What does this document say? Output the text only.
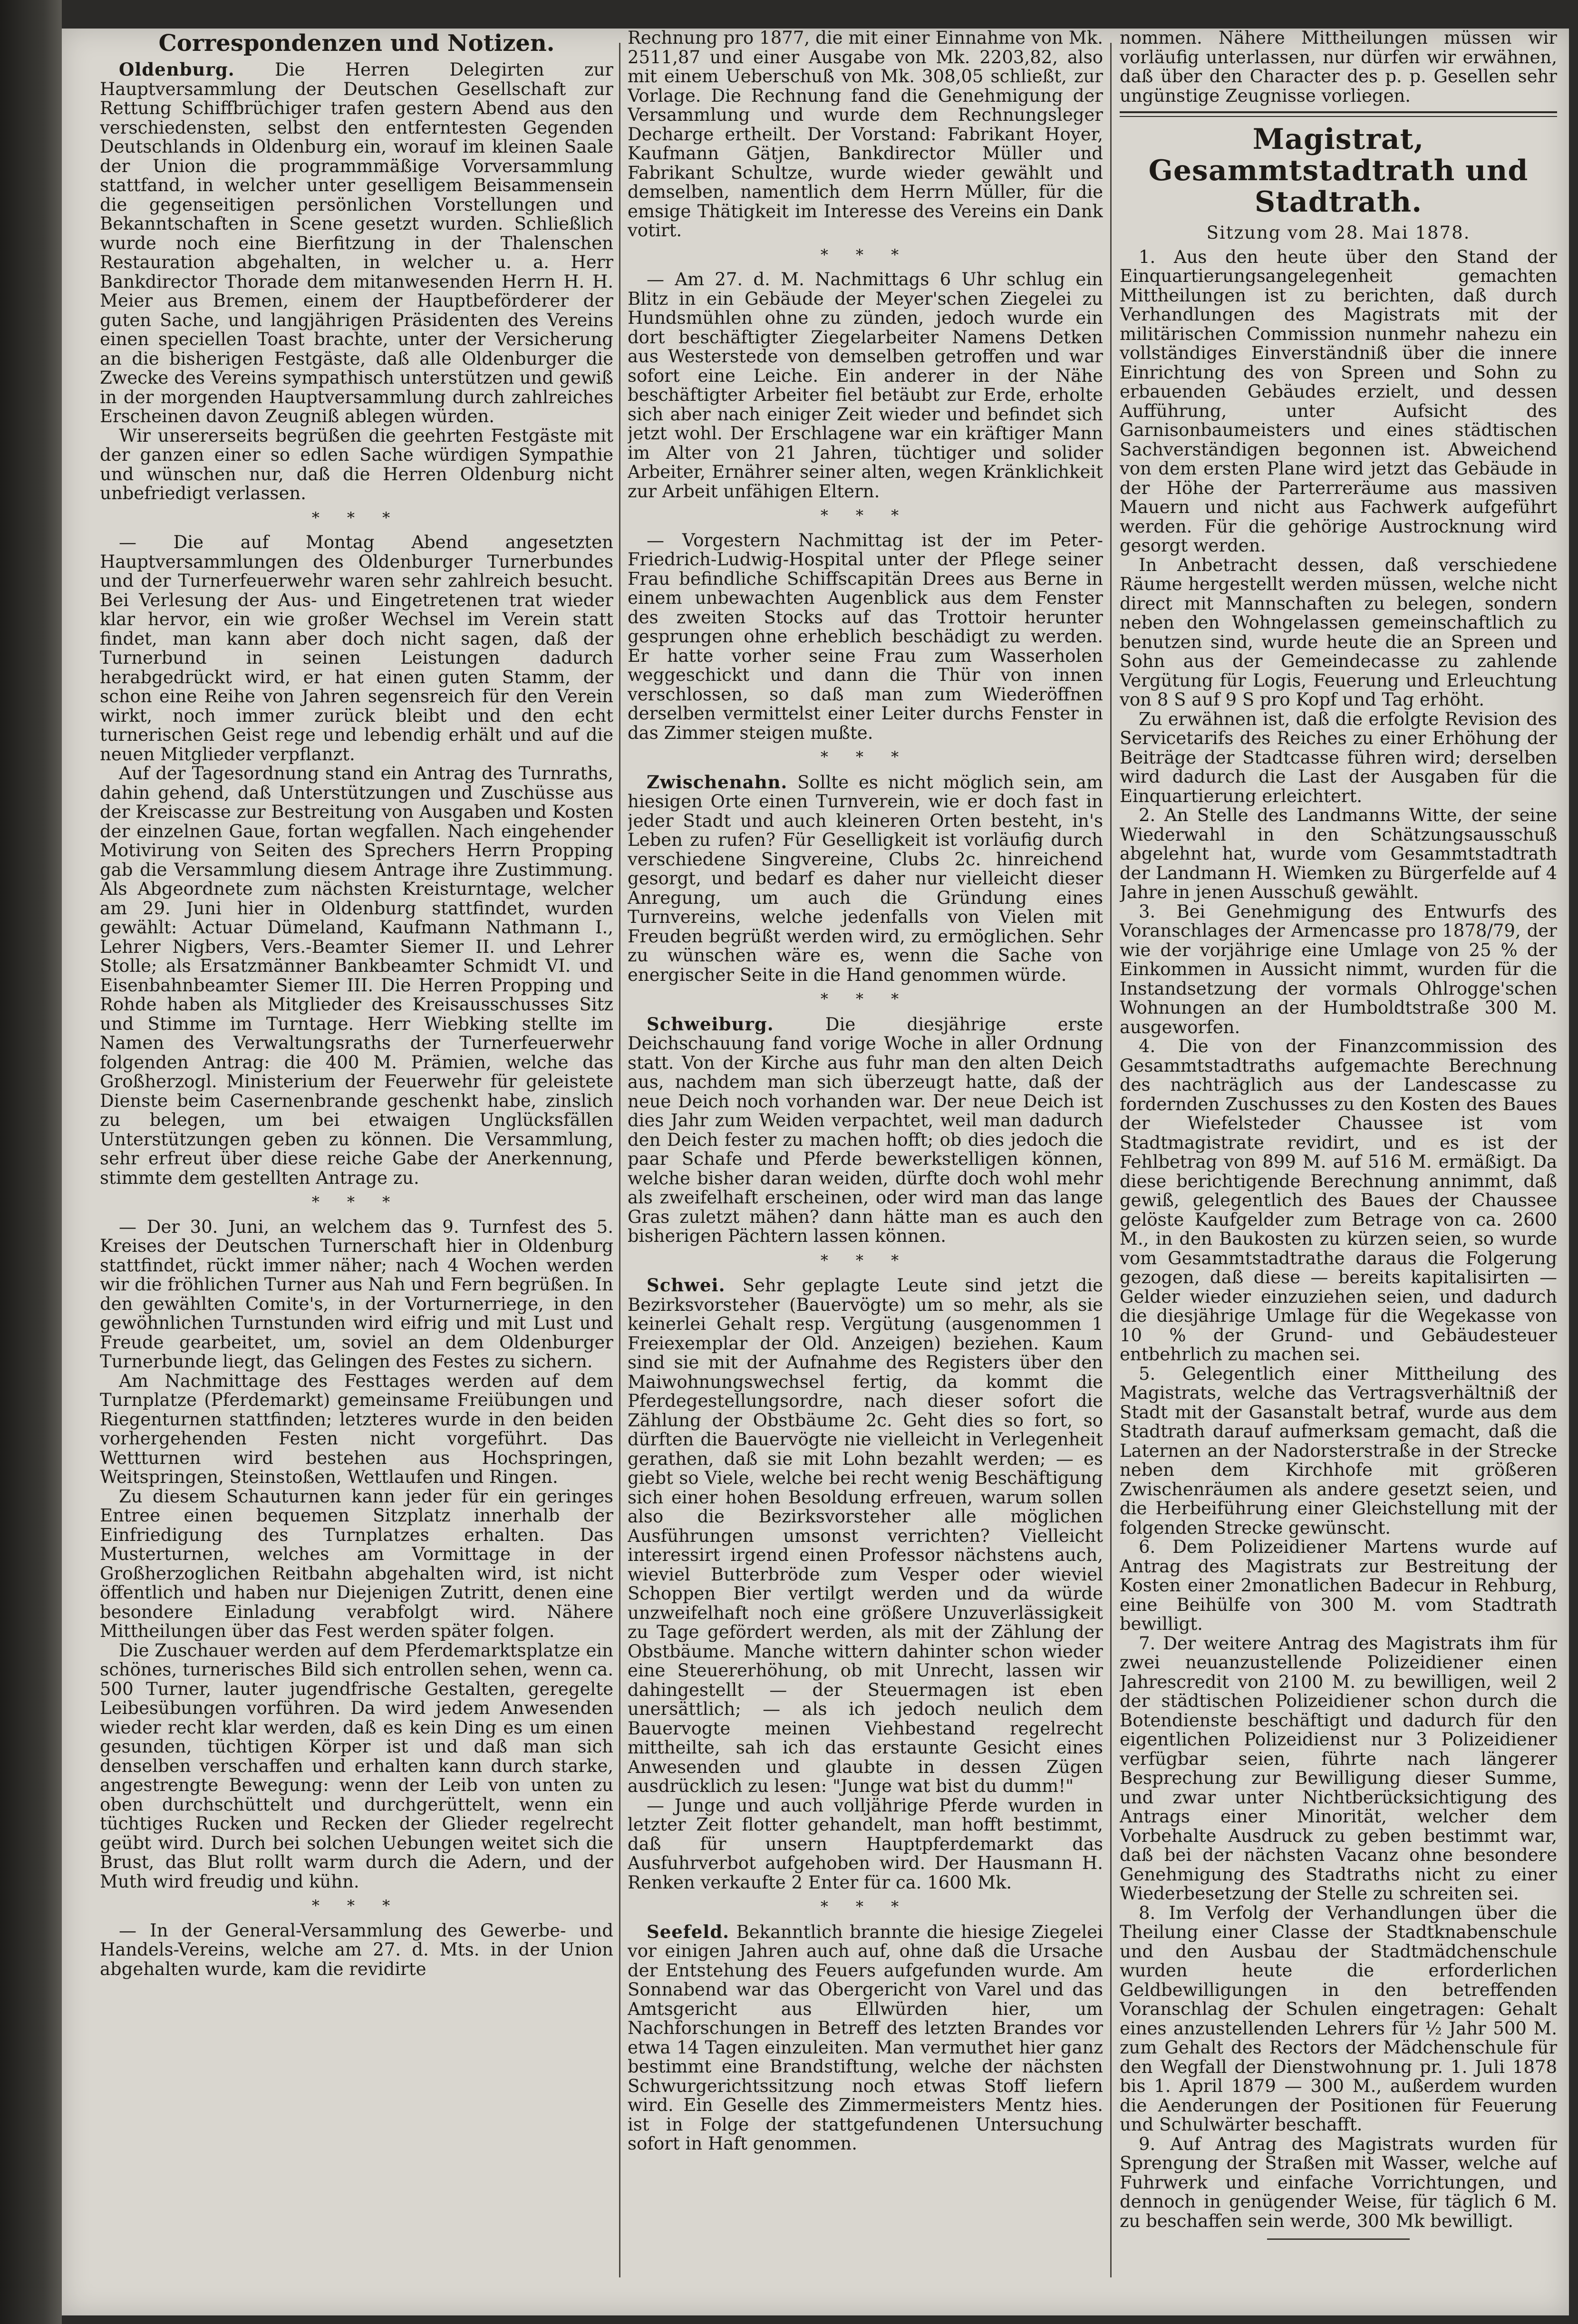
Correspondenzen und Notizen.

Oldenburg. Die Herren Delegirten zur Hauptversammlung der Deutschen Gesellschaft zur Rettung Schiffbrüchiger trafen gestern Abend aus den verschiedensten, selbst den entferntesten Gegenden Deutschlands in Oldenburg ein, worauf im kleinen Saale der Union die programmmäßige Vorversammlung stattfand, in welcher unter geselligem Beisammensein die gegenseitigen persönlichen Vorstellungen und Bekanntschaften in Scene gesetzt wurden. Schließlich wurde noch eine Bierfitzung in der Thalenschen Restauration abgehalten, in welcher u. a. Herr Bankdirector Thorade dem mitanwesenden Herrn H. H. Meier aus Bremen, einem der Hauptbeförderer der guten Sache, und langjährigen Präsidenten des Vereins einen speciellen Toast brachte, unter der Versicherung an die bisherigen Festgäste, daß alle Oldenburger die Zwecke des Vereins sympathisch unterstützen und gewiß in der morgenden Hauptversammlung durch zahlreiches Erscheinen davon Zeugniß ablegen würden.

Wir unsererseits begrüßen die geehrten Festgäste mit der ganzen einer so edlen Sache würdigen Sympathie und wünschen nur, daß die Herren Oldenburg nicht unbefriedigt verlassen.

* * *

— Die auf Montag Abend angesetzten Hauptversammlungen des Oldenburger Turnerbundes und der Turnerfeuerwehr waren sehr zahlreich besucht. Bei Verlesung der Aus- und Eingetretenen trat wieder klar hervor, ein wie großer Wechsel im Verein statt findet, man kann aber doch nicht sagen, daß der Turnerbund in seinen Leistungen dadurch herabgedrückt wird, er hat einen guten Stamm, der schon eine Reihe von Jahren segensreich für den Verein wirkt, noch immer zurück bleibt und den echt turnerischen Geist rege und lebendig erhält und auf die neuen Mitglieder verpflanzt.

Auf der Tagesordnung stand ein Antrag des Turnraths, dahin gehend, daß Unterstützungen und Zuschüsse aus der Kreiscasse zur Bestreitung von Ausgaben und Kosten der einzelnen Gaue, fortan wegfallen. Nach eingehender Motivirung von Seiten des Sprechers Herrn Propping gab die Versammlung diesem Antrage ihre Zustimmung. Als Abgeordnete zum nächsten Kreisturntage, welcher am 29. Juni hier in Oldenburg stattfindet, wurden gewählt: Actuar Dümeland, Kaufmann Nathmann I., Lehrer Nigbers, Vers.-Beamter Siemer II. und Lehrer Stolle; als Ersatzmänner Bankbeamter Schmidt VI. und Eisenbahnbeamter Siemer III. Die Herren Propping und Rohde haben als Mitglieder des Kreisausschusses Sitz und Stimme im Turntage. Herr Wiebking stellte im Namen des Verwaltungsraths der Turnerfeuerwehr folgenden Antrag: die 400 M. Prämien, welche das Großherzogl. Ministerium der Feuerwehr für geleistete Dienste beim Casernenbrande geschenkt habe, zinslich zu belegen, um bei etwaigen Unglücksfällen Unterstützungen geben zu können. Die Versammlung, sehr erfreut über diese reiche Gabe der Anerkennung, stimmte dem gestellten Antrage zu.

* * *

— Der 30. Juni, an welchem das 9. Turnfest des 5. Kreises der Deutschen Turnerschaft hier in Oldenburg stattfindet, rückt immer näher; nach 4 Wochen werden wir die fröhlichen Turner aus Nah und Fern begrüßen. In den gewählten Comite's, in der Vorturnerriege, in den gewöhnlichen Turnstunden wird eifrig und mit Lust und Freude gearbeitet, um, soviel an dem Oldenburger Turnerbunde liegt, das Gelingen des Festes zu sichern.

Am Nachmittage des Festtages werden auf dem Turnplatze (Pferdemarkt) gemeinsame Freiübungen und Riegenturnen stattfinden; letzteres wurde in den beiden vorhergehenden Festen nicht vorgeführt. Das Wettturnen wird bestehen aus Hochspringen, Weitspringen, Steinstoßen, Wettlaufen und Ringen.

Zu diesem Schauturnen kann jeder für ein geringes Entree einen bequemen Sitzplatz innerhalb der Einfriedigung des Turnplatzes erhalten. Das Musterturnen, welches am Vormittage in der Großherzoglichen Reitbahn abgehalten wird, ist nicht öffentlich und haben nur Diejenigen Zutritt, denen eine besondere Einladung verabfolgt wird. Nähere Mittheilungen über das Fest werden später folgen.

Die Zuschauer werden auf dem Pferdemarktsplatze ein schönes, turnerisches Bild sich entrollen sehen, wenn ca. 500 Turner, lauter jugendfrische Gestalten, geregelte Leibesübungen vorführen. Da wird jedem Anwesenden wieder recht klar werden, daß es kein Ding es um einen gesunden, tüchtigen Körper ist und daß man sich denselben verschaffen und erhalten kann durch starke, angestrengte Bewegung: wenn der Leib von unten zu oben durchschüttelt und durchgerüttelt, wenn ein tüchtiges Rucken und Recken der Glieder regelrecht geübt wird. Durch bei solchen Uebungen weitet sich die Brust, das Blut rollt warm durch die Adern, und der Muth wird freudig und kühn.

* * *

— In der General-Versammlung des Gewerbe- und Handels-Vereins, welche am 27. d. Mts. in der Union abgehalten wurde, kam die revidirte

Rechnung pro 1877, die mit einer Einnahme von Mk. 2511,87 und einer Ausgabe von Mk. 2203,82, also mit einem Ueberschuß von Mk. 308,05 schließt, zur Vorlage. Die Rechnung fand die Genehmigung der Versammlung und wurde dem Rechnungsleger Decharge ertheilt. Der Vorstand: Fabrikant Hoyer, Kaufmann Gätjen, Bankdirector Müller und Fabrikant Schultze, wurde wieder gewählt und demselben, namentlich dem Herrn Müller, für die emsige Thätigkeit im Interesse des Vereins ein Dank votirt.

* * *

— Am 27. d. M. Nachmittags 6 Uhr schlug ein Blitz in ein Gebäude der Meyer'schen Ziegelei zu Hundsmühlen ohne zu zünden, jedoch wurde ein dort beschäftigter Ziegelarbeiter Namens Detken aus Westerstede von demselben getroffen und war sofort eine Leiche. Ein anderer in der Nähe beschäftigter Arbeiter fiel betäubt zur Erde, erholte sich aber nach einiger Zeit wieder und befindet sich jetzt wohl. Der Erschlagene war ein kräftiger Mann im Alter von 21 Jahren, tüchtiger und solider Arbeiter, Ernährer seiner alten, wegen Kränklichkeit zur Arbeit unfähigen Eltern.

* * *

— Vorgestern Nachmittag ist der im Peter-Friedrich-Ludwig-Hospital unter der Pflege seiner Frau befindliche Schiffscapitän Drees aus Berne in einem unbewachten Augenblick aus dem Fenster des zweiten Stocks auf das Trottoir herunter gesprungen ohne erheblich beschädigt zu werden. Er hatte vorher seine Frau zum Wasserholen weggeschickt und dann die Thür von innen verschlossen, so daß man zum Wiederöffnen derselben vermittelst einer Leiter durchs Fenster in das Zimmer steigen mußte.

* * *

Zwischenahn. Sollte es nicht möglich sein, am hiesigen Orte einen Turnverein, wie er doch fast in jeder Stadt und auch kleineren Orten besteht, in's Leben zu rufen? Für Geselligkeit ist vorläufig durch verschiedene Singvereine, Clubs 2c. hinreichend gesorgt, und bedarf es daher nur vielleicht dieser Anregung, um auch die Gründung eines Turnvereins, welche jedenfalls von Vielen mit Freuden begrüßt werden wird, zu ermöglichen. Sehr zu wünschen wäre es, wenn die Sache von energischer Seite in die Hand genommen würde.

* * *

Schweiburg.	Die diesjährige erste Deichschauung fand vorige Woche in aller Ordnung statt. Von der Kirche aus fuhr man den alten Deich aus, nachdem man sich überzeugt hatte, daß der neue Deich noch vorhanden war. Der neue Deich ist dies Jahr zum Weiden verpachtet, weil man dadurch den Deich fester zu machen hofft; ob dies jedoch die paar Schafe und Pferde bewerkstelligen können, welche bisher daran weiden, dürfte doch wohl mehr als zweifelhaft erscheinen, oder wird man das lange Gras zuletzt mähen? dann hätte man es auch den bisherigen Pächtern lassen können.

* * *

Schwei. Sehr geplagte Leute sind jetzt die Bezirksvorsteher (Bauervögte) um so mehr, als sie keinerlei Gehalt resp. Vergütung (ausgenommen 1 Freiexemplar der Old. Anzeigen) beziehen. Kaum sind sie mit der Aufnahme des Registers über den Maiwohnungswechsel fertig, da kommt die Pferdegestellungsordre, nach dieser sofort die Zählung der Obstbäume 2c. Geht dies so fort, so dürften die Bauervögte nie vielleicht in Verlegenheit gerathen, daß sie mit Lohn bezahlt werden; — es giebt so Viele, welche bei recht wenig Beschäftigung sich einer hohen Besoldung erfreuen, warum sollen also die Bezirksvorsteher alle möglichen Ausführungen umsonst verrichten? Vielleicht interessirt irgend einen Professor nächstens auch, wieviel Butterbröde zum Vesper oder wieviel Schoppen Bier vertilgt werden und da würde unzweifelhaft noch eine größere Unzuverlässigkeit zu Tage gefördert werden, als mit der Zählung der Obstbäume. Manche wittern dahinter schon wieder eine Steuererhöhung, ob mit Unrecht, lassen wir dahingestellt — der Steuermagen ist eben unersättlich; — als ich jedoch neulich dem Bauervogte meinen Viehbestand regelrecht mittheilte, sah ich das erstaunte Gesicht eines Anwesenden und glaubte in dessen Zügen ausdrücklich zu lesen: "Junge wat bist du dumm!"

— Junge und auch volljährige Pferde wurden in letzter Zeit flotter gehandelt, man hofft bestimmt, daß für unsern Hauptpferdemarkt das Ausfuhrverbot aufgehoben wird. Der Hausmann H. Renken verkaufte 2 Enter für ca. 1600 Mk.

* * *

Seefeld. Bekanntlich brannte die hiesige Ziegelei vor einigen Jahren auch auf, ohne daß die Ursache der Entstehung des Feuers aufgefunden wurde. Am Sonnabend war das Obergericht von Varel und das Amtsgericht aus Ellwürden hier, um Nachforschungen in Betreff des letzten Brandes vor etwa 14 Tagen einzuleiten. Man vermuthet hier ganz bestimmt eine Brandstiftung, welche der nächsten Schwurgerichtssitzung noch etwas Stoff liefern wird. Ein Geselle des Zimmermeisters Mentz hies. ist in Folge der stattgefundenen Untersuchung sofort in Haft genommen.

nommen. Nähere Mittheilungen müssen wir vorläufig unterlassen, nur dürfen wir erwähnen, daß über den Character des p. p. Gesellen sehr ungünstige Zeugnisse vorliegen.

Magistrat, Gesammtstadtrath und Stadtrath.
Sitzung vom 28. Mai 1878.

1. Aus den heute über den Stand der Einquartierungsangelegenheit gemachten Mittheilungen ist zu berichten, daß durch Verhandlungen des Magistrats mit der militärischen Commission nunmehr nahezu ein vollständiges Einverständniß über die innere Einrichtung des von Spreen und Sohn zu erbauenden Gebäudes erzielt, und dessen Aufführung, unter Aufsicht des Garnisonbaumeisters und eines städtischen Sachverständigen begonnen ist. Abweichend von dem ersten Plane wird jetzt das Gebäude in der Höhe der Parterreräume aus massiven Mauern und nicht aus Fachwerk aufgeführt werden. Für die gehörige Austrocknung wird gesorgt werden.

In Anbetracht dessen, daß verschiedene Räume hergestellt werden müssen, welche nicht direct mit Mannschaften zu belegen, sondern neben den Wohngelassen gemeinschaftlich zu benutzen sind, wurde heute die an Spreen und Sohn aus der Gemeindecasse zu zahlende Vergütung für Logis, Feuerung und Erleuchtung von 8 S auf 9 S pro Kopf und Tag erhöht.

Zu erwähnen ist, daß die erfolgte Revision des Servicetarifs des Reiches zu einer Erhöhung der Beiträge der Stadtcasse führen wird; derselben wird dadurch die Last der Ausgaben für die Einquartierung erleichtert.

2. An Stelle des Landmanns Witte, der seine Wiederwahl in den Schätzungsausschuß abgelehnt hat, wurde vom Gesammtstadtrath der Landmann H. Wiemken zu Bürgerfelde auf 4 Jahre in jenen Ausschuß gewählt.

3. Bei Genehmigung des Entwurfs des Voranschlages der Armencasse pro 1878/79, der wie der vorjährige eine Umlage von 25 % der Einkommen in Aussicht nimmt, wurden für die Instandsetzung der vormals Ohlrogge'schen Wohnungen an der Humboldtstraße 300 M. ausgeworfen.

4. Die von der Finanzcommission des Gesammtstadtraths aufgemachte Berechnung des nachträglich aus der Landescasse zu fordernden Zuschusses zu den Kosten des Baues der Wiefelsteder Chaussee ist vom Stadtmagistrate revidirt, und es ist der Fehlbetrag von 899 M. auf 516 M. ermäßigt. Da diese berichtigende Berechnung annimmt, daß gewiß, gelegentlich des Baues der Chaussee gelöste Kaufgelder zum Betrage von ca. 2600 M., in den Baukosten zu kürzen seien, so wurde vom Gesammtstadtrathe daraus die Folgerung gezogen, daß diese — bereits kapitalisirten — Gelder wieder einzuziehen seien, und dadurch die diesjährige Umlage für die Wegekasse von 10 % der Grund- und Gebäudesteuer entbehrlich zu machen sei.

5. Gelegentlich einer Mittheilung des Magistrats, welche das Vertragsverhältniß der Stadt mit der Gasanstalt betraf, wurde aus dem Stadtrath darauf aufmerksam gemacht, daß die Laternen an der Nadorsterstraße in der Strecke neben dem Kirchhofe mit größeren Zwischenräumen als andere gesetzt seien, und die Herbeiführung einer Gleichstellung mit der folgenden Strecke gewünscht.

6. Dem Polizeidiener Martens wurde auf Antrag des Magistrats zur Bestreitung der Kosten einer 2monatlichen Badecur in Rehburg, eine Beihülfe von 300 M. vom Stadtrath bewilligt.

7. Der weitere Antrag des Magistrats ihm für zwei neuanzustellende Polizeidiener einen Jahrescredit von 2100 M. zu bewilligen, weil 2 der städtischen Polizeidiener schon durch die Botendienste beschäftigt und dadurch für den eigentlichen Polizeidienst nur 3 Polizeidiener verfügbar seien, führte nach längerer Besprechung zur Bewilligung dieser Summe, und zwar unter Nichtberücksichtigung des Antrags einer Minorität, welcher dem Vorbehalte Ausdruck zu geben bestimmt war, daß bei der nächsten Vacanz ohne besondere Genehmigung des Stadtraths nicht zu einer Wiederbesetzung der Stelle zu schreiten sei.

8. Im Verfolg der Verhandlungen über die Theilung einer Classe der Stadtknabenschule und den Ausbau der Stadtmädchenschule wurden heute die erforderlichen Geldbewilligungen in den betreffenden Voranschlag der Schulen eingetragen: Gehalt eines anzustellenden Lehrers für ½ Jahr 500 M. zum Gehalt des Rectors der Mädchenschule für den Wegfall der Dienstwohnung pr. 1. Juli 1878 bis 1. April 1879 — 300 M., außerdem wurden die Aenderungen der Positionen für Feuerung und Schulwärter beschafft.

9. Auf Antrag des Magistrats wurden für Sprengung der Straßen mit Wasser, welche auf Fuhrwerk und einfache Vorrichtungen, und dennoch in genügender Weise, für täglich 6 M. zu beschaffen sein werde, 300 Mk bewilligt.
